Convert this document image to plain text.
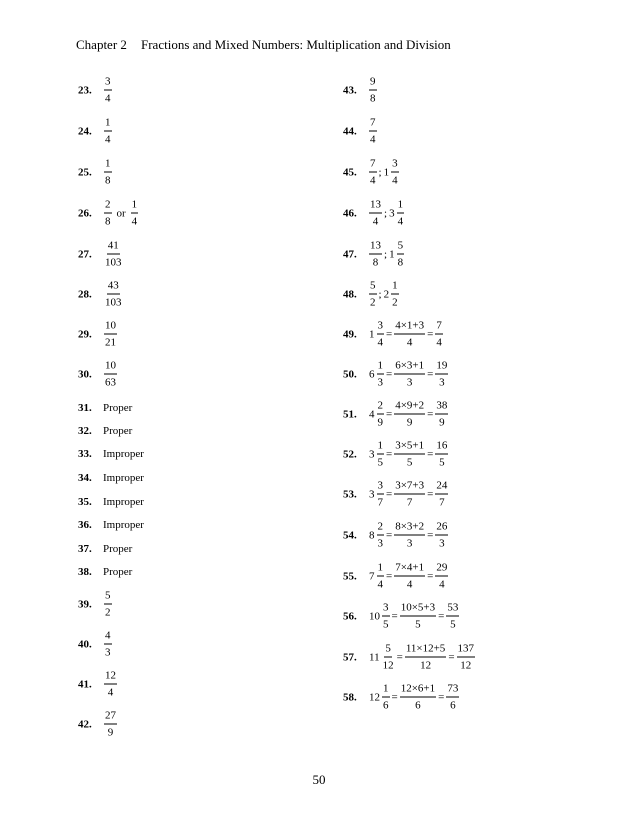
Chapter 2 Fractions and Mixed Numbers: Multiplication and Division
23.	$\frac{3}{4}$
24.	$\frac{1}{4}$
25.	$\frac{1}{8}$
26.	$\frac{2}{8}$ or $\frac{1}{4}$
27.	$\frac{41}{103}$
28.	$\frac{43}{103}$
29.	$\frac{10}{21}$
30.	$\frac{10}{63}$
31.	Proper
32.	Proper
33.	Improper
34.	Improper
35.	Improper
36.	Improper
37.	Proper
38.	Proper
39.	$\frac{5}{2}$
40.	$\frac{4}{3}$
41.	$\frac{12}{4}$
42.	$\frac{27}{9}$
43.	$\frac{9}{8}$
44.	$\frac{7}{4}$
45.	$\frac{7}{4}$ ; $1 \frac{3}{4}$
46.	$\frac{13}{4}$ ; $3 \frac{1}{4}$
47.	$\frac{13}{8}$ ; $1 \frac{5}{8}$
48.	$\frac{5}{2}$ ; $2 \frac{1}{2}$
49.	$1 \frac{3}{4} = \frac{4\times 1+3}{4} = \frac{7}{4}$
50.	$6 \frac{1}{3} = \frac{6\times 3+1}{3} = \frac{19}{3}$
51.	$4 \frac{2}{9} = \frac{4\times 9+2}{9} = \frac{38}{9}$
52.	$3 \frac{1}{5} = \frac{3\times 5+1}{5} = \frac{16}{5}$
53.	$3 \frac{3}{7} = \frac{3\times 7+3}{7} = \frac{24}{7}$
54.	$8 \frac{2}{3} = \frac{8\times 3+2}{3} = \frac{26}{3}$
55.	$7 \frac{1}{4} = \frac{7\times 4+1}{4} = \frac{29}{4}$
56.	$10 \frac{3}{5} = \frac{10\times 5+3}{5} = \frac{53}{5}$
57.	$11 \frac{5}{12} = \frac{11\times 12+5}{12} = \frac{137}{12}$
58.	$12 \frac{1}{6} = \frac{12\times 6+1}{6} = \frac{73}{6}$
50
